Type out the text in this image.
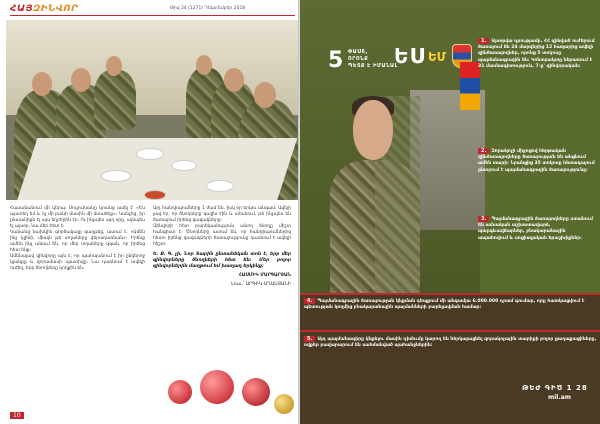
ՀԱՅԶԻՆՎՈՐ	Թիվ 24 (1271) Դեկտեմբեր 2018

Հասանանում մի կերպ։ Սուլուխանը նրանց ասել է՝ «Ես այստեղ եմ և ոչ մի բանի մասին մի մտածեք»։ Կանչեց, իր ընտանիքն էլ այս եղրերին էր։ Ու ինչպես այդ օրը, այնպես էլ այսօր, նա մեր հետ է։

Կանանց նախկին գործակալը գաղթեց, ասում է. «Ամեն ինչ կլինի, միայն թե տղաները վերադառնան»։ Իրենք ամեն ինչ անում են, որ մեր տղաները զգան, որ իրենց հետ ենք։

Ամենալավ զինվորը այն է, որ պահպանում է իր ընկերոջ կյանքը և զորամասի պատիվը։ Նա դառնում է ավելի ուժեղ, երբ ծնողները կողքին են։

Այդ հանդիպումները 1 ժամ են, իսկ օր երկու անգամ։ Ավելի լավ էր, որ ծնողները գալիս էին և տեսնում, թե ինչպես են ծառայում իրենց զավակները։

Զինվորի հետ բարեկամություն անող ծնողը միշտ հանգիստ է։ Ծնողները ասում են, որ հանդիպումներից հետո իրենց զավակների ծառայությունը դառնում է ավելի հեշտ։

Ե. Ք. Գ. չի, Նոր Տարին ընտանեկան տոն է, երբ մեր զինվորները ծնողների հետ են։ Մեր բոլոր զինվորներին մաղթում եմ խաղաղ երկինք։

ՀԱՍՄԻԿ ՄԱՐԳԱՐՅԱՆ

Լուս.՝ ԱՐԳԻԿ ԱՂԱՍՅԱՆԻ

10
5 ՓԱՍՏ,
ՈՐՈՆՔ
ՊԵՏՔ Է ԻՄԱՆԱԼ
ԵՍ ԵՄ
1. Այսօրվա դրությամբ, ՀՀ զինված ուժերում ծառայում են 24 մարզերից 12 հազարից ավելի զինծառայողներ, որոնց 5 տոկոսը պայմանագրային են։ Կոնտրակտը ներառում է 31 մասնագիտություն, 7-ը՝ զինվորական։
2. Զորակոչի միջոցով հերթական զինծառայողները ծառայության են անցնում ամեն տարի։ Նրանցից 35 տոկոսը հետագայում ընտրում է պայմանագրային ծառայությունը։
3. Պայմանագրային ծառայողները ստանում են ամսական աշխատավարձ, պարգևավճարներ, բնակարանային ապահովում և սոցիալական երաշխիքներ։
4. Պայմանագրային ծառայության կնքման դեպքում մի անգամյա 6.000.000 դրամ գումար, որը հատկացվում է պետության կողմից բնակարանային պայմանների բարելավման համար։
5. Այդ պայմանագիրը կնքելու մասին դիմումը կարող են ներկայացնել զորակոչային տարիքի բոլոր քաղաքացիները, ովքեր բավարարում են սահմանված պահանջներին։
ԹԵԺ ԳԻԾ 1 28
mil.am
